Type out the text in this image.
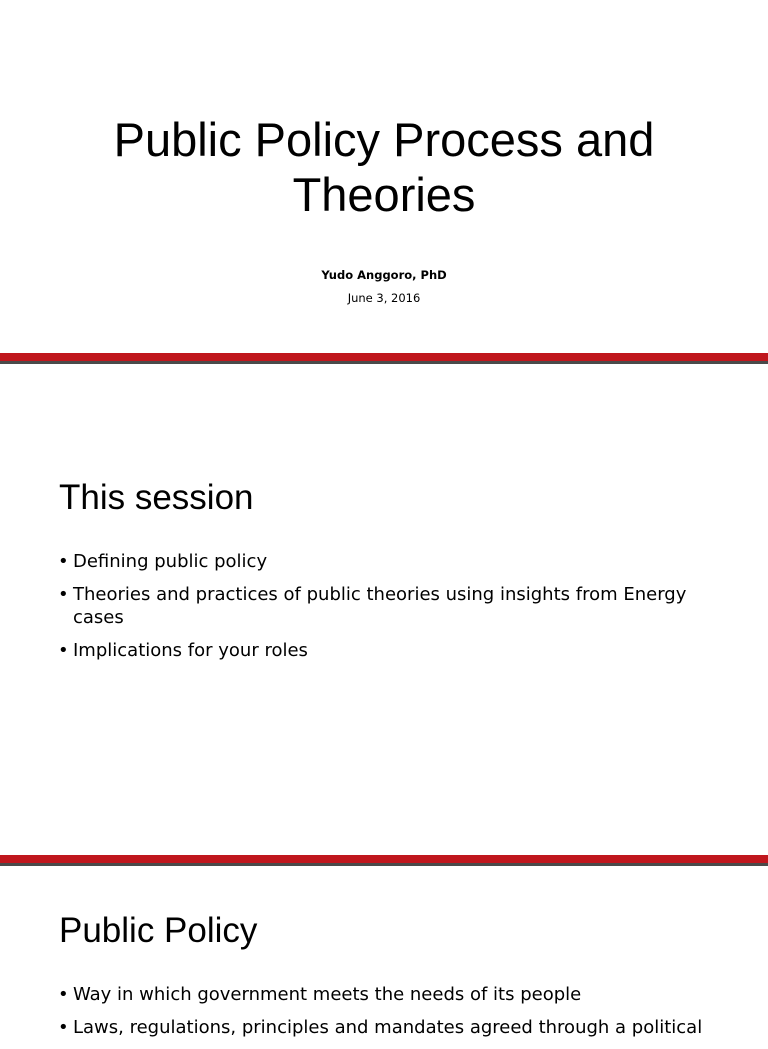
Public Policy Process and
Theories
Yudo Anggoro, PhD
June 3, 2016
This session
• Defining public policy
• Theories and practices of public theories using insights from Energy cases
• Implications for your roles
Public Policy
• Way in which government meets the needs of its people
• Laws, regulations, principles and mandates agreed through a political
